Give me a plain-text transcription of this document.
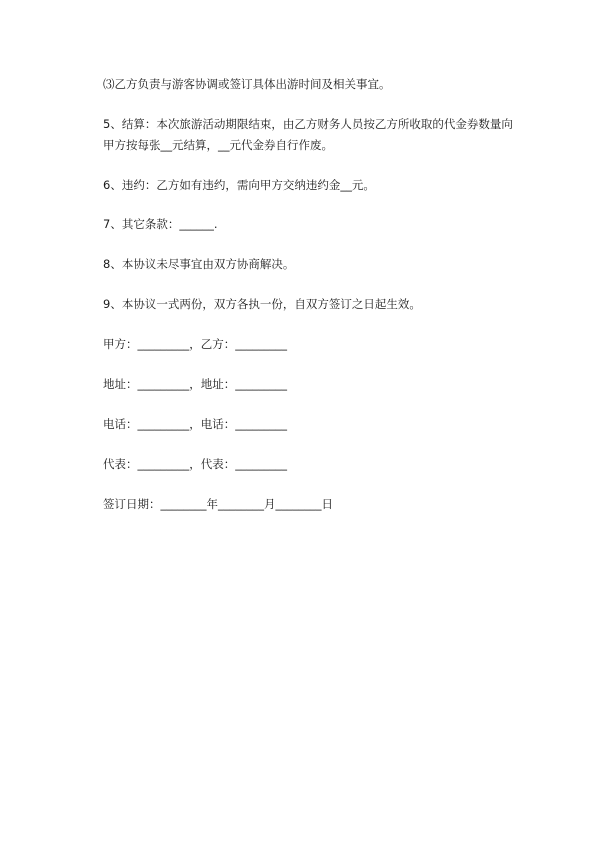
⑶乙方负责与游客协调或签订具体出游时间及相关事宜。
5、结算：本次旅游活动期限结束，由乙方财务人员按乙方所收取的代金券数量向甲方按每张__元结算，__元代金券自行作废。
6、违约：乙方如有违约，需向甲方交纳违约金__元。
7、其它条款：______.
8、本协议未尽事宜由双方协商解决。
9、本协议一式两份，双方各执一份，自双方签订之日起生效。
甲方：_________，乙方：_________
地址：_________，地址：_________
电话：_________，电话：_________
代表：_________，代表：_________
签订日期：________年________月________日
